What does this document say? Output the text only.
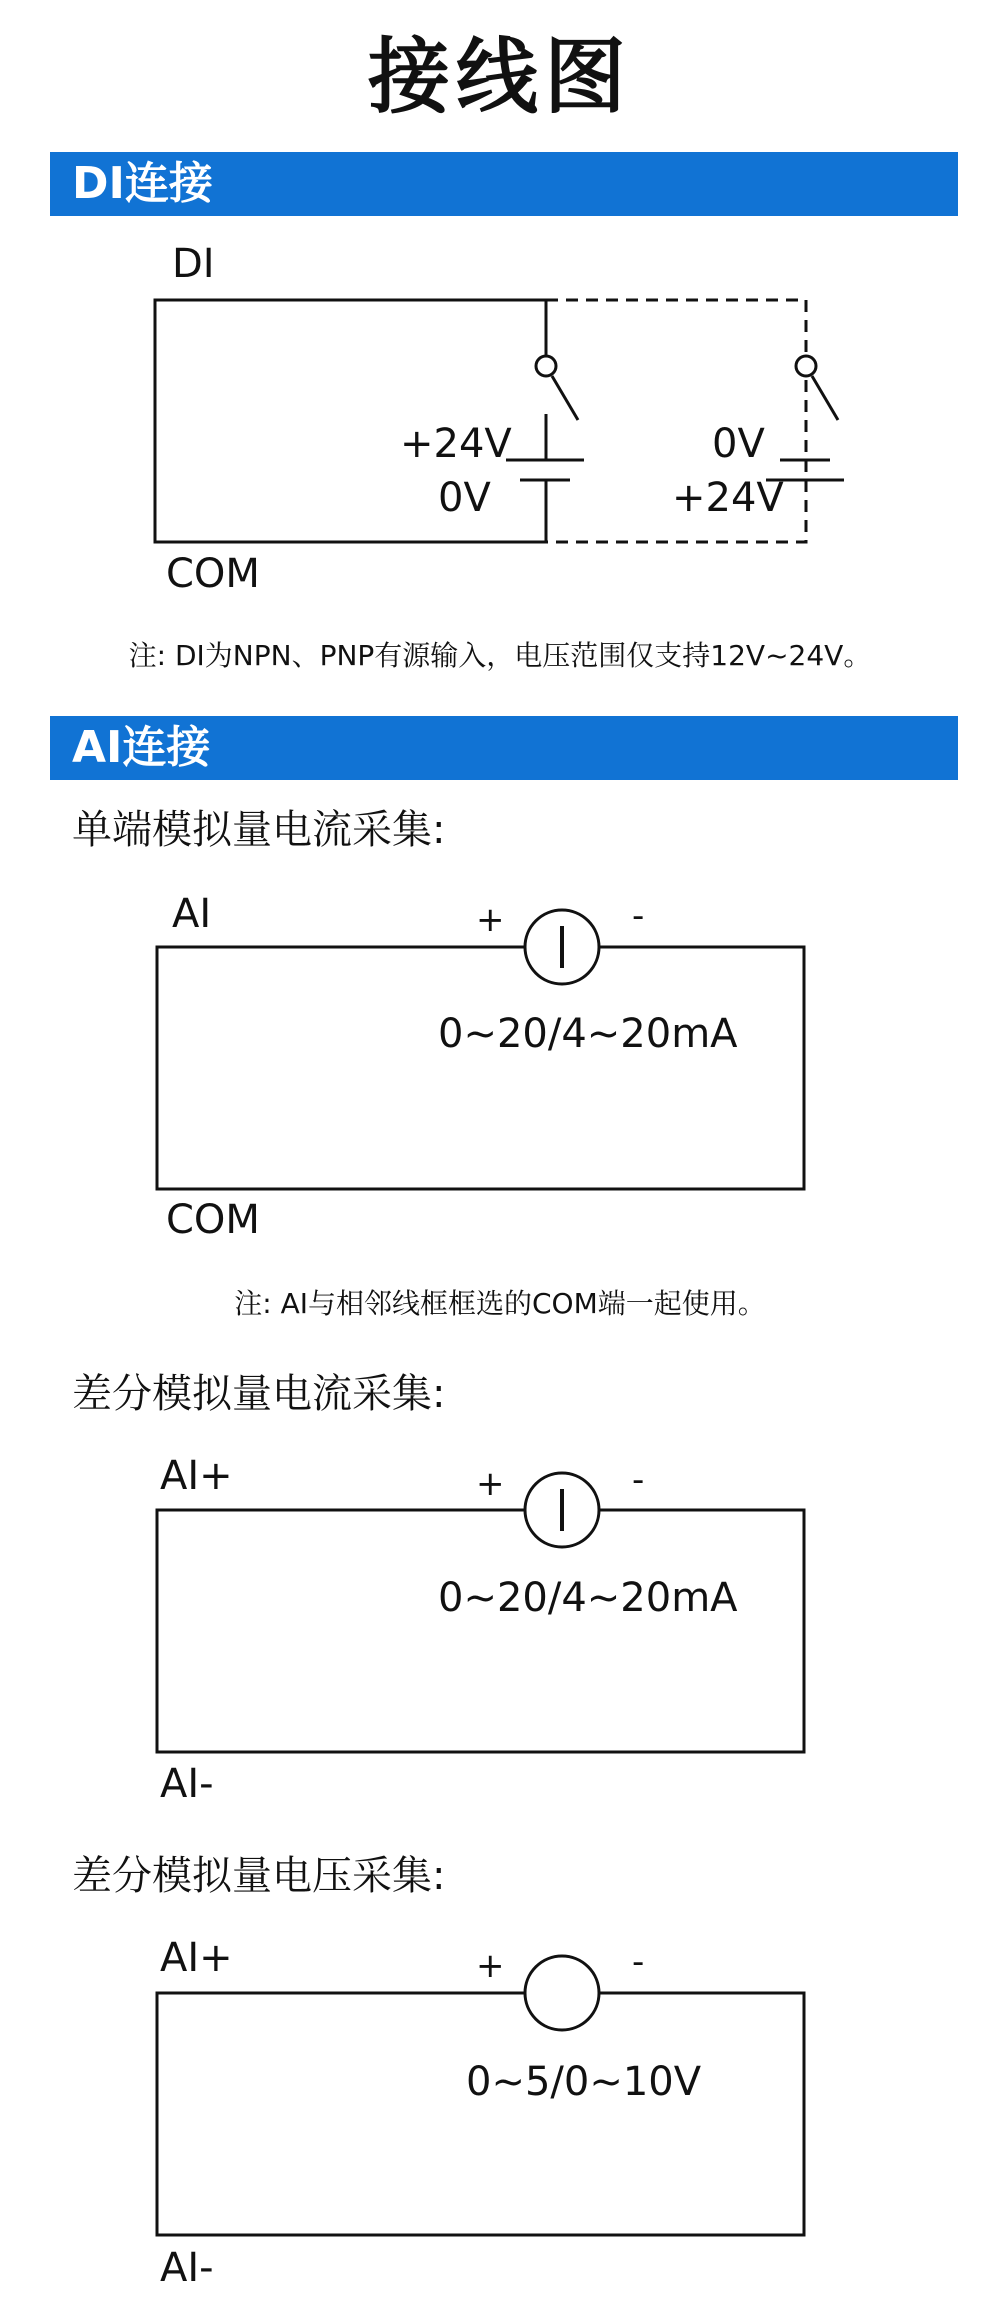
接线图
DI连接
DI
+24V
0V
0V
+24V
COM
注: DI为NPN、PNP有源输入，电压范围仅支持12V~24V。
AI连接
单端模拟量电流采集:
AI	+	-
0~20/4~20mA
COM
注: AI与相邻线框框选的COM端一起使用。
差分模拟量电流采集:
AI+	+	-
0~20/4~20mA
AI-
差分模拟量电压采集:
AI+	+	-
0~5/0~10V
AI-
